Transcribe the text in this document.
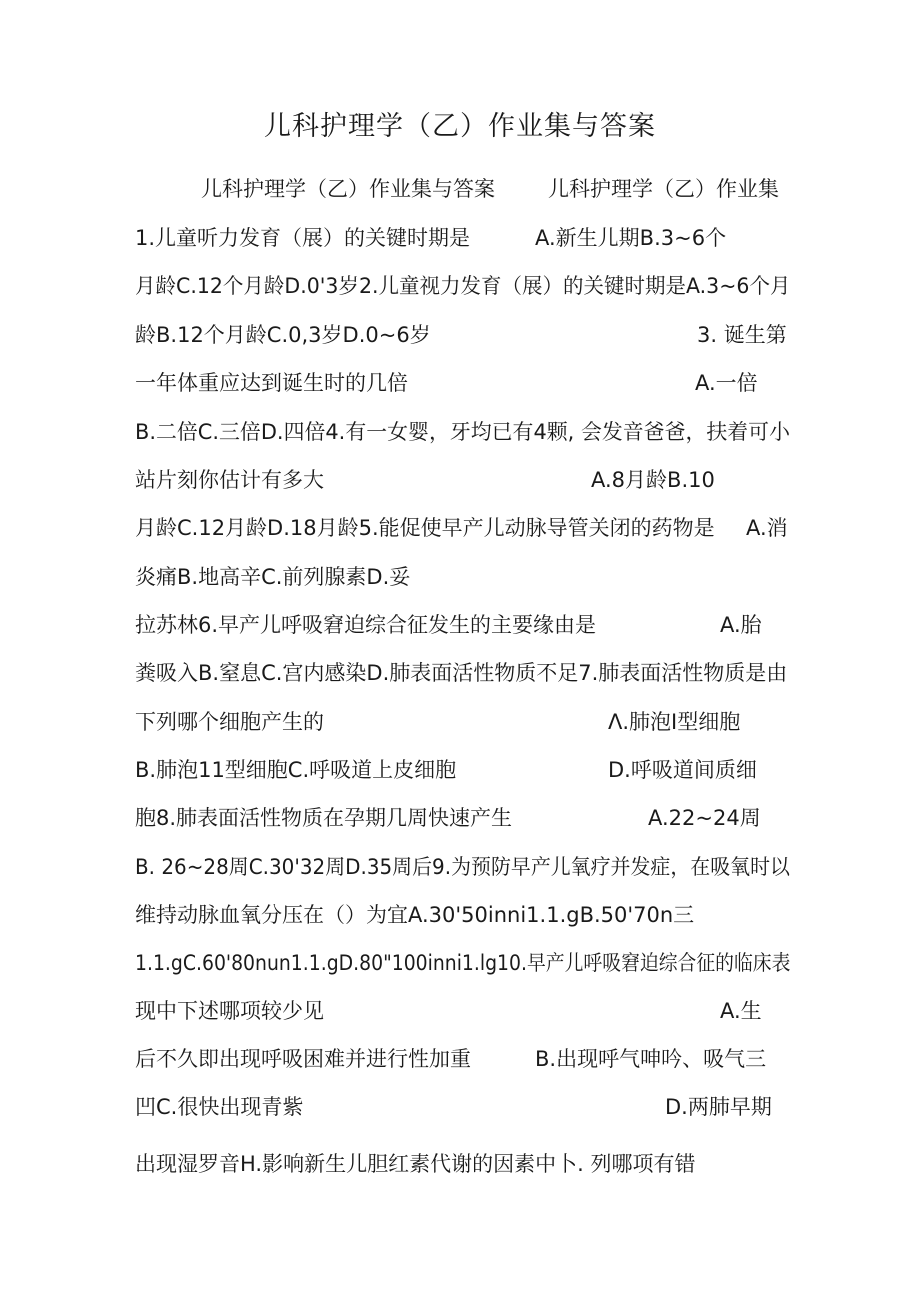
儿科护理学（乙）作业集与答案
儿科护理学（乙）作业集与答案	儿科护理学（乙）作业集
1.儿童听力发育（展）的关键时期是	A.新生儿期B.3~6个
月龄C.12个月龄D.0'3岁2.儿童视力发育（展）的关键时期是A.3~6个月
龄B.12个月龄C.0,3岁D.0~6岁	3. 诞生第
一年体重应达到诞生时的几倍	A.一倍
B.二倍C.三倍D.四倍4.有一女婴，牙均已有4颗, 会发音爸爸，扶着可小
站片刻你估计有多大	A.8月龄B.10
月龄C.12月龄D.18月龄5.能促使早产儿动脉导管关闭的药物是 A.消
炎痛B.地高辛C.前列腺素D.妥
拉苏林6.早产儿呼吸窘迫综合征发生的主要缘由是	A.胎
粪吸入B.窒息C.宫内感染D.肺表面活性物质不足7.肺表面活性物质是由
下列哪个细胞产生的	Λ.肺泡I型细胞
B.肺泡11型细胞C.呼吸道上皮细胞	D.呼吸道间质细
胞8.肺表面活性物质在孕期几周快速产生	A.22~24周
B. 26~28周C.30'32周D.35周后9.为预防早产儿氧疗并发症，在吸氧时以
维持动脉血氧分压在（）为宜A.30'50inni1.1.gB.50'70n三
1.1.gC.60'80nun1.1.gD.80"100inni1.lg10.早产儿呼吸窘迫综合征的临床表
现中下述哪项较少见	A.生
后不久即出现呼吸困难并进行性加重	B.出现呼气呻吟、吸气三
凹C.很快出现青紫	D.两肺早期
出现湿罗音H.影响新生儿胆红素代谢的因素中卜. 列哪项有错
